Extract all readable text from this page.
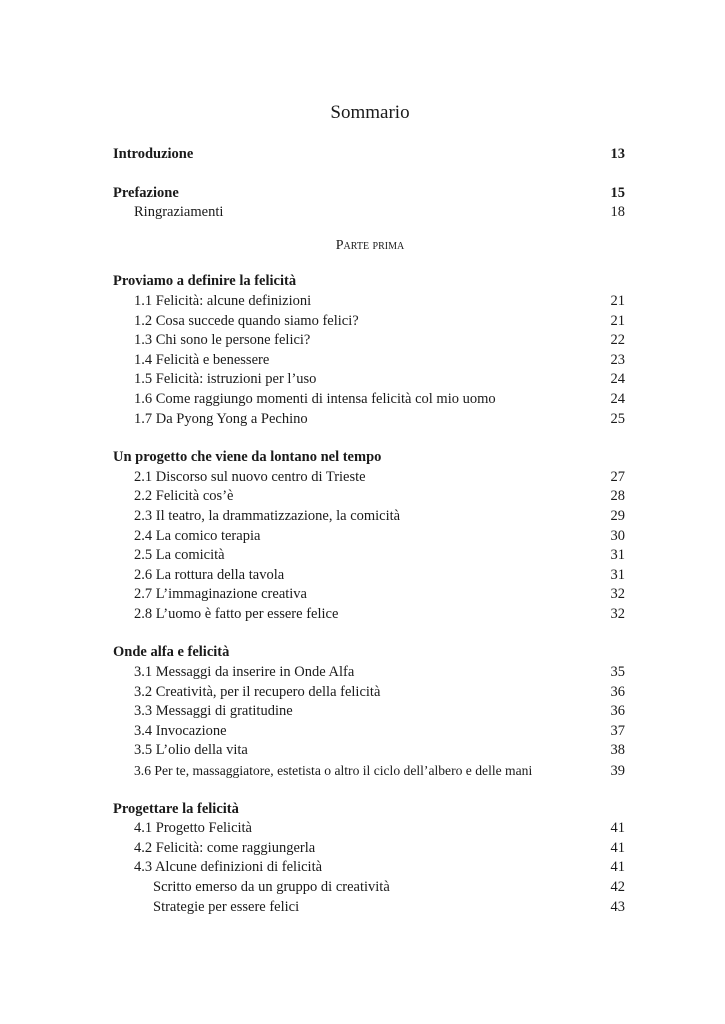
Sommario
Introduzione	13
Prefazione	15
Ringraziamenti	18
Parte prima
Proviamo a definire la felicità
1.1 Felicità: alcune definizioni	21
1.2 Cosa succede quando siamo felici?	21
1.3 Chi sono le persone felici?	22
1.4 Felicità e benessere	23
1.5 Felicità: istruzioni per l’uso	24
1.6 Come raggiungo momenti di intensa felicità col mio uomo	24
1.7 Da Pyong Yong a Pechino	25
Un progetto che viene da lontano nel tempo
2.1 Discorso sul nuovo centro di Trieste	27
2.2 Felicità cos’è	28
2.3 Il teatro, la drammatizzazione, la comicità	29
2.4 La comico terapia	30
2.5 La comicità	31
2.6 La rottura della tavola	31
2.7 L’immaginazione creativa	32
2.8 L’uomo è fatto per essere felice	32
Onde alfa e felicità
3.1 Messaggi da inserire in Onde Alfa	35
3.2 Creatività, per il recupero della felicità	36
3.3 Messaggi di gratitudine	36
3.4 Invocazione	37
3.5 L’olio della vita	38
3.6 Per te, massaggiatore, estetista o altro il ciclo dell’albero e delle mani	39
Progettare la felicità
4.1 Progetto Felicità	41
4.2 Felicità: come raggiungerla	41
4.3 Alcune definizioni di felicità	41
Scritto emerso da un gruppo di creatività	42
Strategie per essere felici	43
